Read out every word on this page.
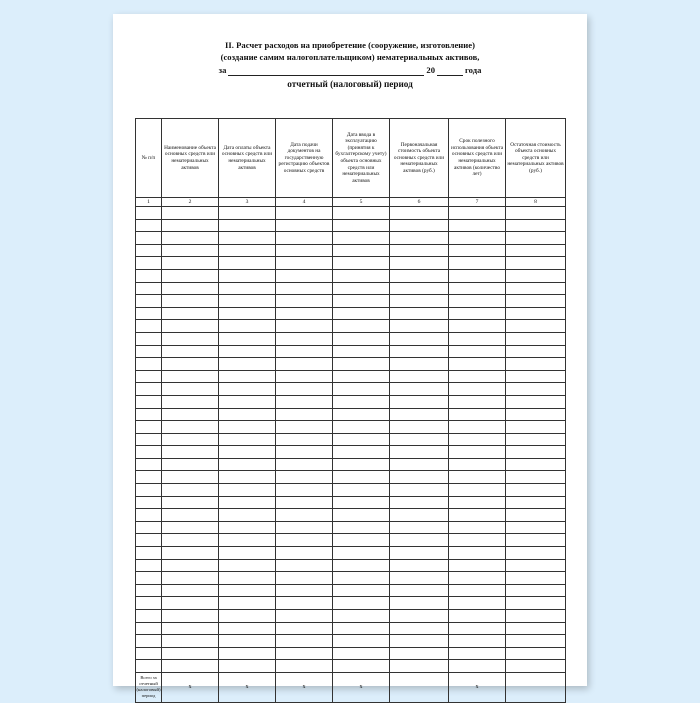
II. Расчет расходов на приобретение (сооружение, изготовление)
(создание самим налогоплательщиком) нематериальных активов,
за	20	года
отчетный (налоговый) период
№ п/п	Наименование объекта основных средств или нематериальных активов	Дата оплаты объекта основных средств или нематериальных активов	Дата подачи документов на государственную регистрацию объектов основных средств	Дата ввода в эксплуатацию (принятия к бухгалтерскому учету) объекта основных средств или нематериальных активов	Первоначальная стоимость объекта основных средств или нематериальных активов (руб.)	Срок полезного использования объекта основных средств или нематериальных активов (количество лет)	Остаточная стоимость объекта основных средств или нематериальных активов (руб.)

1	2	3	4	5	6	7	8

Всего за отчетный (налоговый) период	x	x	x	x		x	
